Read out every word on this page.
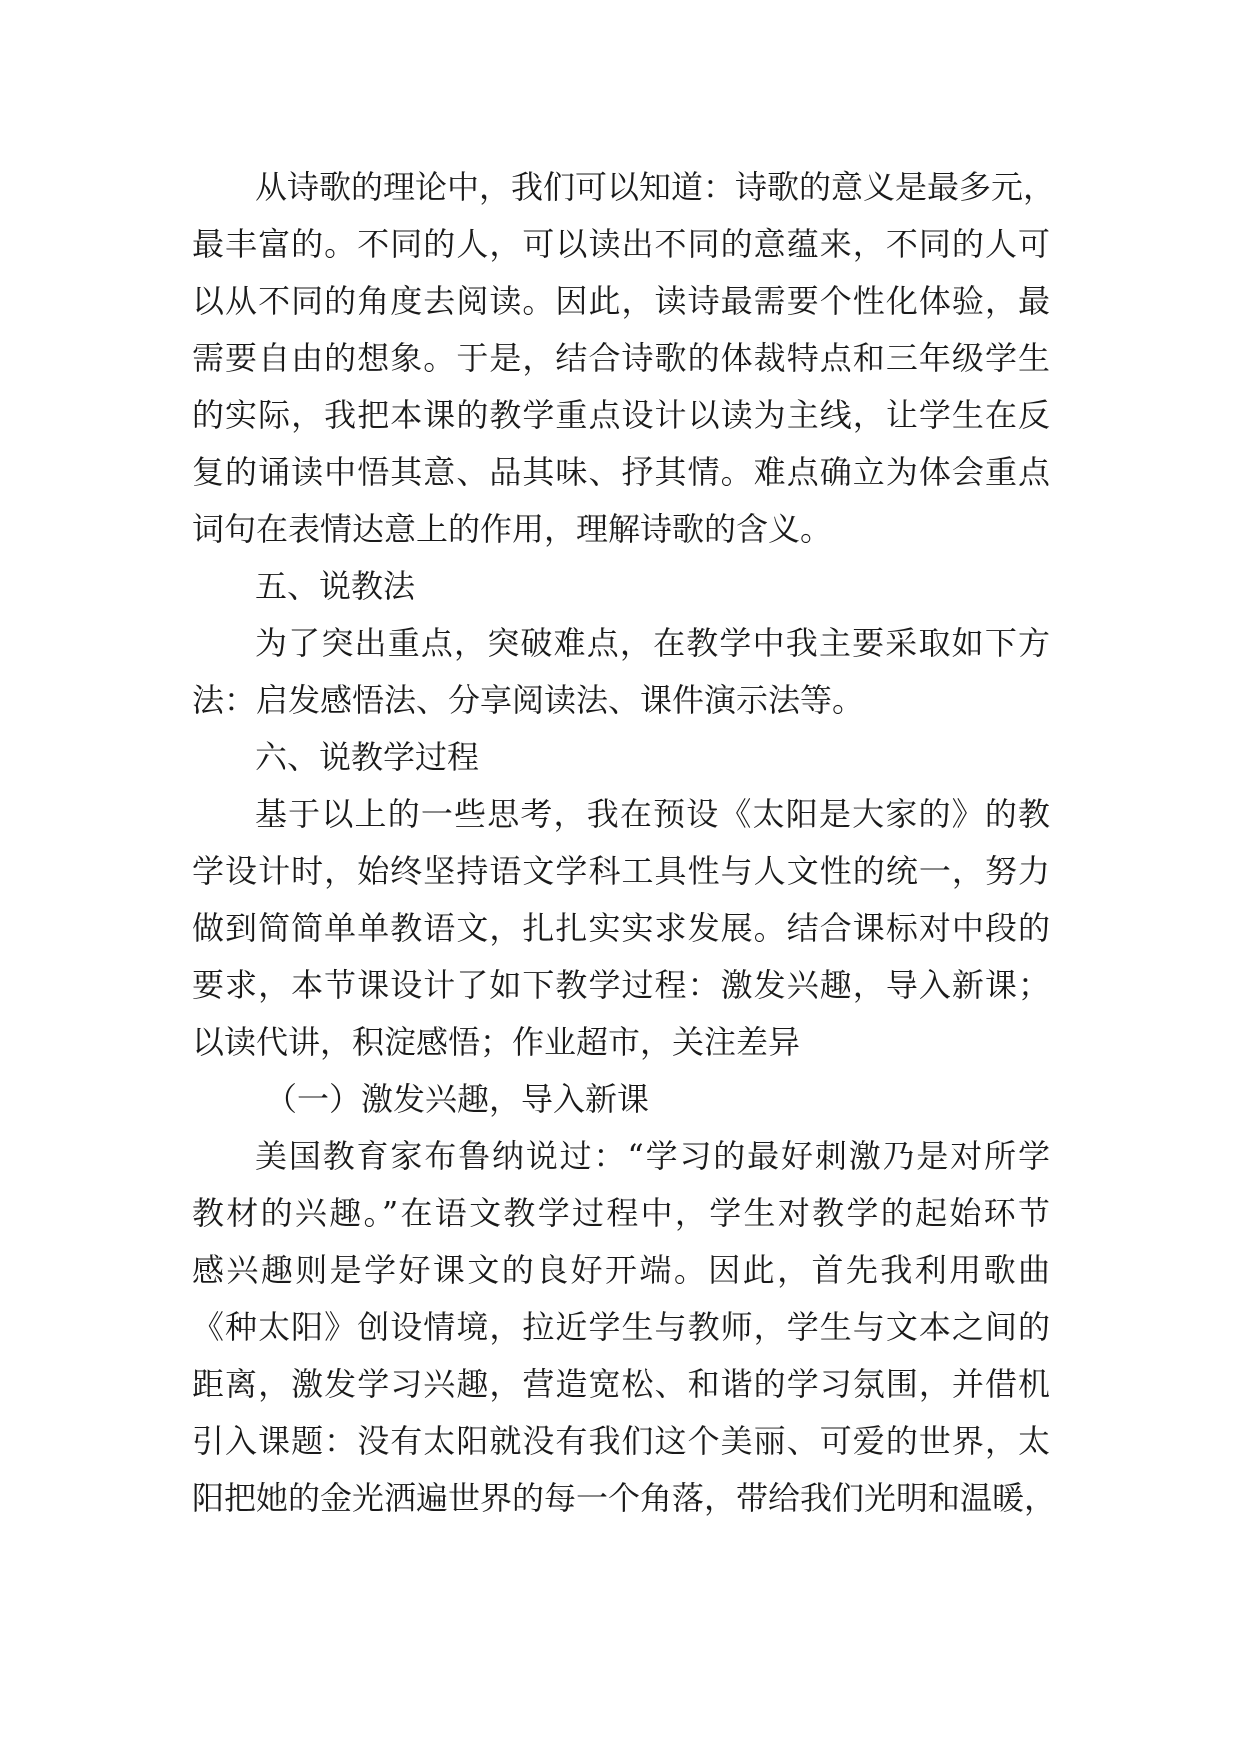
从诗歌的理论中，我们可以知道：诗歌的意义是最多元，
最丰富的。不同的人，可以读出不同的意蕴来，不同的人可
以从不同的角度去阅读。因此，读诗最需要个性化体验，最
需要自由的想象。于是，结合诗歌的体裁特点和三年级学生
的实际，我把本课的教学重点设计以读为主线，让学生在反
复的诵读中悟其意、品其味、抒其情。难点确立为体会重点
词句在表情达意上的作用，理解诗歌的含义。
五、说教法
为了突出重点，突破难点，在教学中我主要采取如下方
法：启发感悟法、分享阅读法、课件演示法等。
六、说教学过程
基于以上的一些思考，我在预设《太阳是大家的》的教
学设计时，始终坚持语文学科工具性与人文性的统一，努力
做到简简单单教语文，扎扎实实求发展。结合课标对中段的
要求，本节课设计了如下教学过程：激发兴趣，导入新课；
以读代讲，积淀感悟；作业超市，关注差异
（一）激发兴趣，导入新课
美国教育家布鲁纳说过：“学习的最好刺激乃是对所学
教材的兴趣。”在语文教学过程中，学生对教学的起始环节
感兴趣则是学好课文的良好开端。因此，首先我利用歌曲
《种太阳》创设情境，拉近学生与教师，学生与文本之间的
距离，激发学习兴趣，营造宽松、和谐的学习氛围，并借机
引入课题：没有太阳就没有我们这个美丽、可爱的世界，太
阳把她的金光洒遍世界的每一个角落，带给我们光明和温暖，
